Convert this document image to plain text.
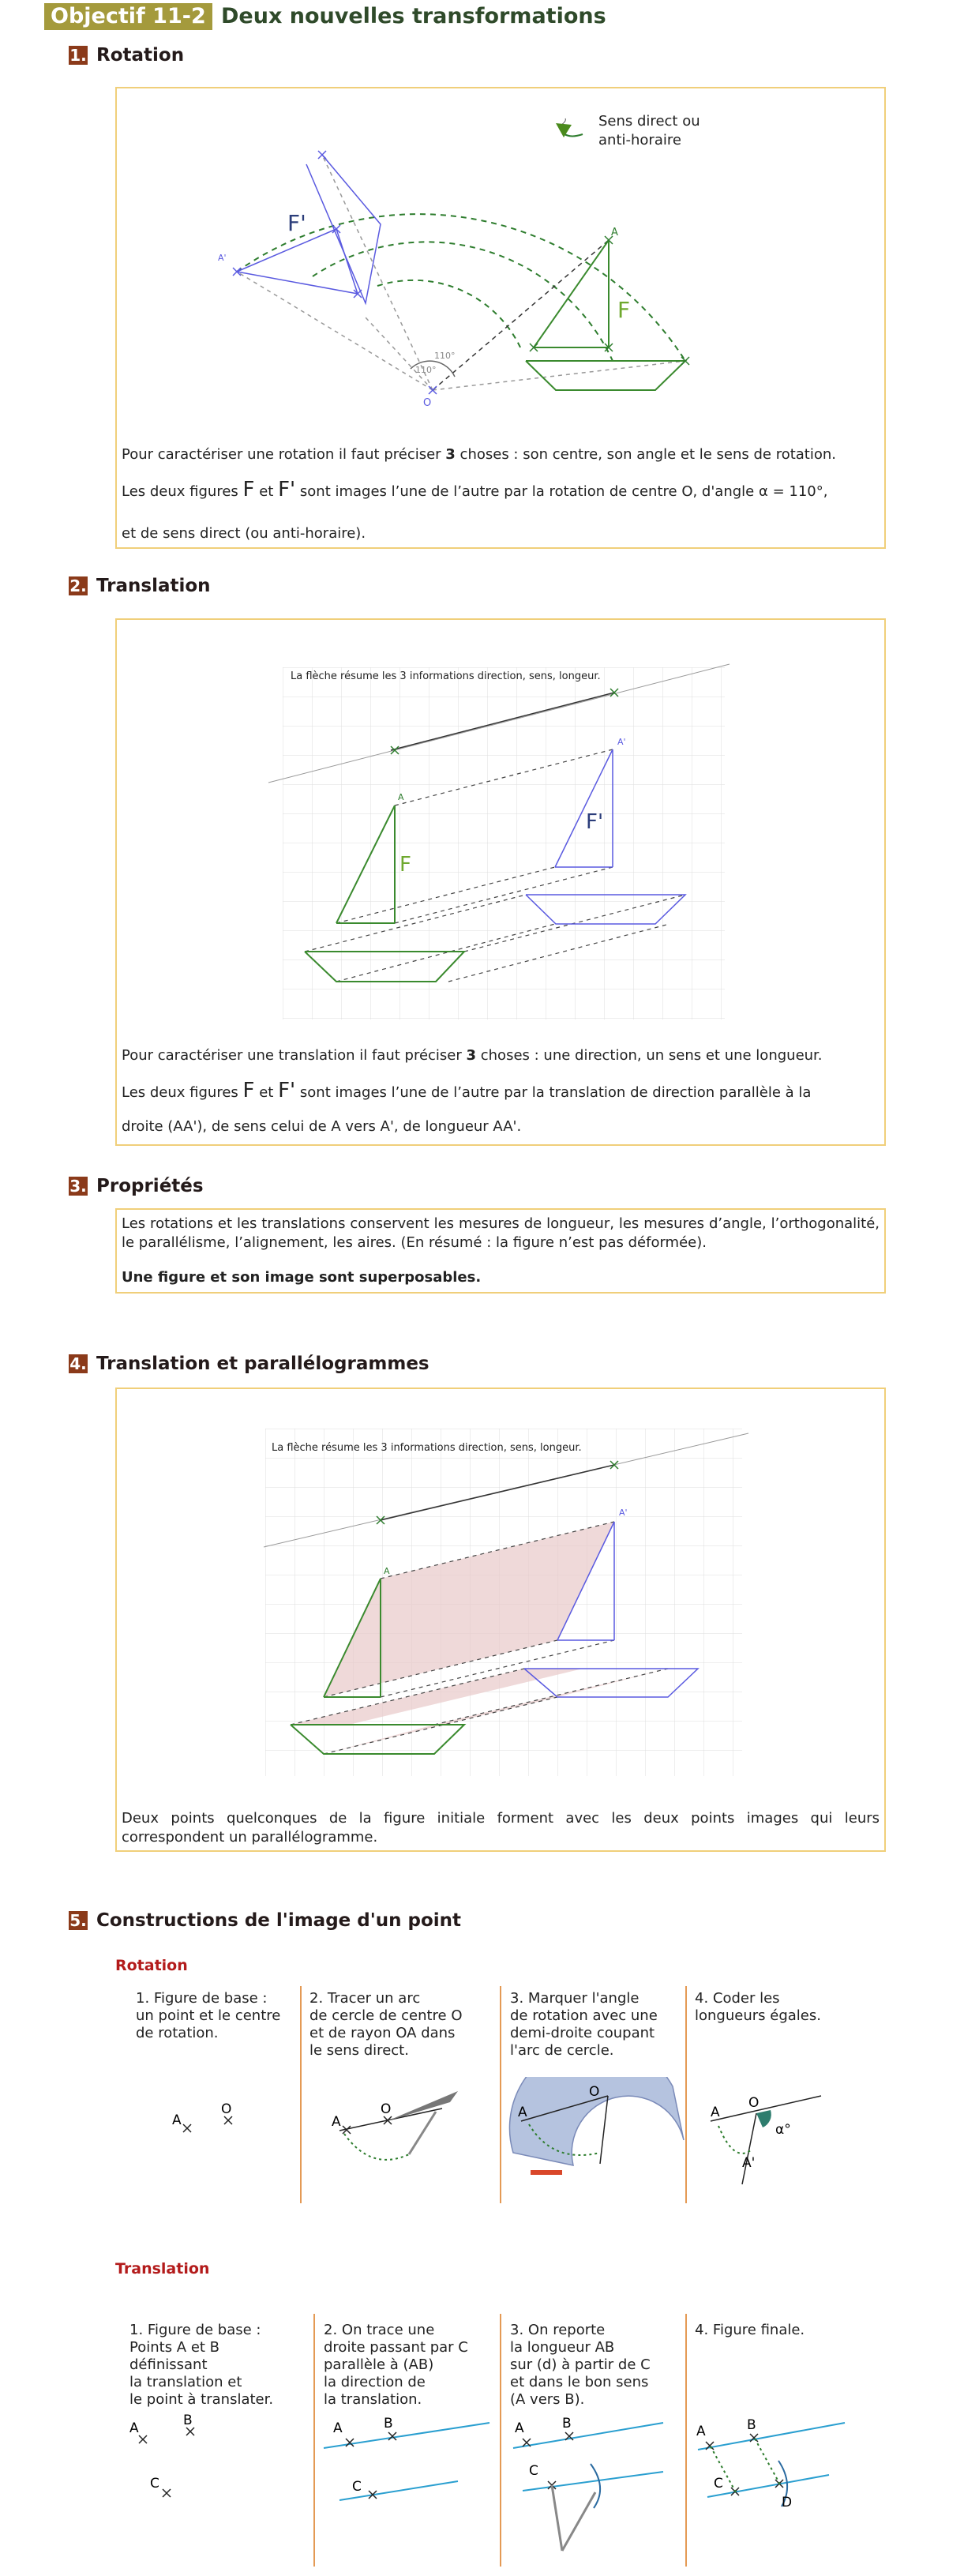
Objectif 11-2 Deux nouvelles transformations
1. Rotation
110°
110°
A
F
A'
F'
O
Sens direct ou
anti-horaire
Pour caractériser une rotation il faut préciser 3 choses : son centre, son angle et le sens de rotation.
Les deux figures F et F' sont images l’une de l’autre par la rotation de centre O, d'angle α = 110°,
et de sens direct (ou anti-horaire).
2. Translation
La flèche résume les 3 informations direction, sens, longeur.
A
F
A'
F'
Pour caractériser une translation il faut préciser 3 choses : une direction, un sens et une longueur.
Les deux figures F et F' sont images l’une de l’autre par la translation de direction parallèle à la
droite (AA'), de sens celui de A vers A', de longueur AA'.
3. Propriétés
Les rotations et les translations conservent les mesures de longueur, les mesures d’angle, l’orthogonalité, le parallélisme, l’alignement, les aires. (En résumé : la figure n’est pas déformée).
Une figure et son image sont superposables.
4. Translation et parallélogrammes
La flèche résume les 3 informations direction, sens, longeur.
A
A'
Deux points quelconques de la figure initiale forment avec les deux points images qui leurs correspondent un parallélogramme.
5. Constructions de l'image d'un point
Rotation
1. Figure de base :
un point et le centre
de rotation.
2. Tracer un arc
de cercle de centre O
et de rayon OA dans
le sens direct.
3. Marquer l'angle
de rotation avec une
demi-droite coupant
l'arc de cercle.
4. Coder les
longueurs égales.
A
O
A
O	A
O
A
O
α°
A'
Translation
1. Figure de base :
Points A et B
définissant
la translation et
le point à translater.
2. On trace une
droite passant par C
parallèle à (AB)
la direction de
la translation.
3. On reporte
la longueur AB
sur (d) à partir de C
et dans le bon sens
(A vers B).
4. Figure finale.
A	B
C
A	B
C
A	B
C
A	B
C
D
